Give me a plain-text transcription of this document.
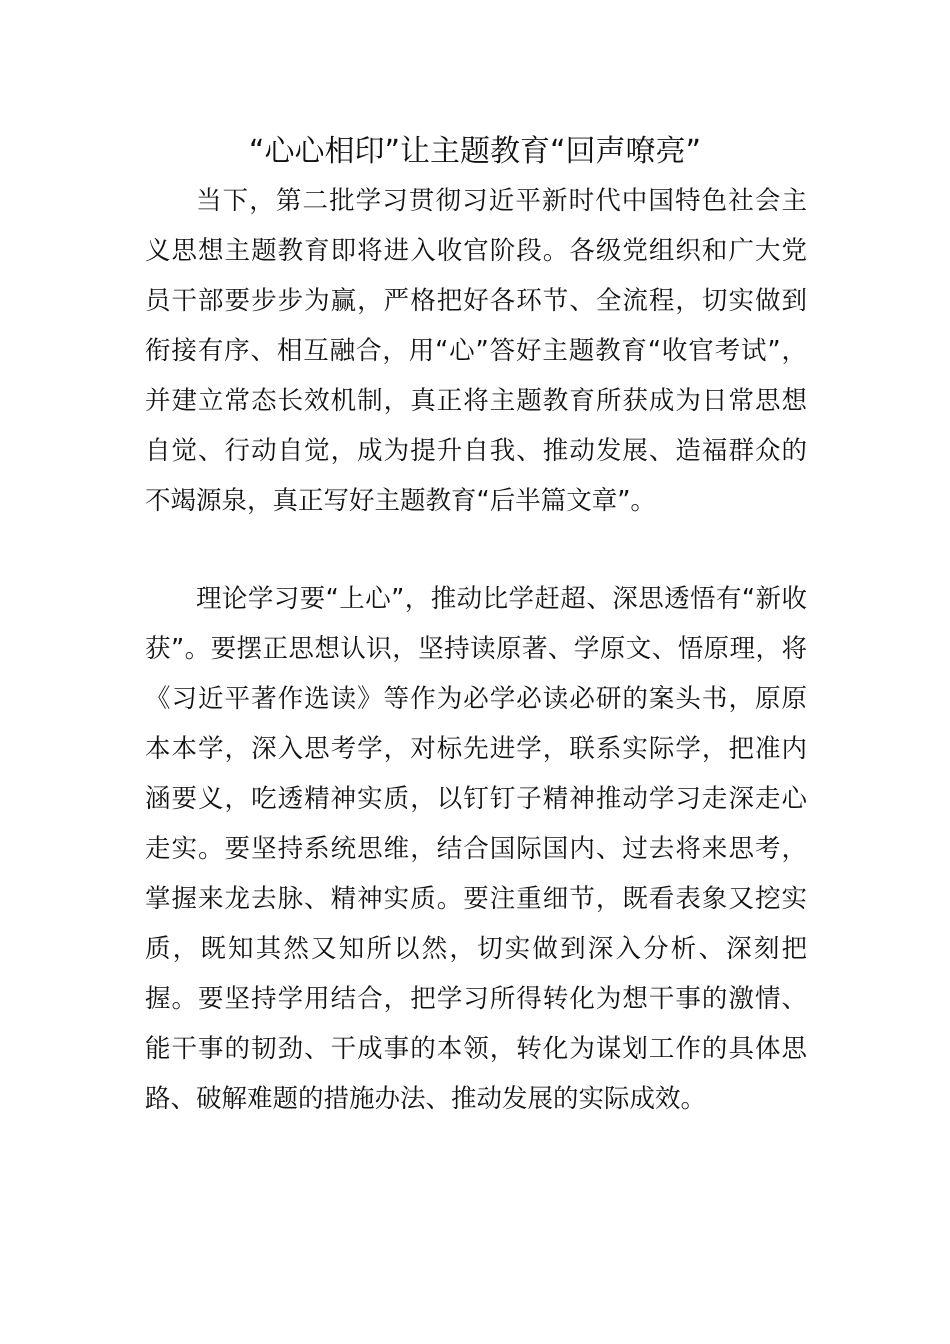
“心心相印”让主题教育“回声嘹亮”

当下，第二批学习贯彻习近平新时代中国特色社会主义思想主题教育即将进入收官阶段。各级党组织和广大党员干部要步步为赢，严格把好各环节、全流程，切实做到衔接有序、相互融合，用“心”答好主题教育“收官考试”，并建立常态长效机制，真正将主题教育所获成为日常思想自觉、行动自觉，成为提升自我、推动发展、造福群众的不竭源泉，真正写好主题教育“后半篇文章”。

理论学习要“上心”，推动比学赶超、深思透悟有“新收获”。要摆正思想认识，坚持读原著、学原文、悟原理，将《习近平著作选读》等作为必学必读必研的案头书，原原本本学，深入思考学，对标先进学，联系实际学，把准内涵要义，吃透精神实质，以钉钉子精神推动学习走深走心走实。要坚持系统思维，结合国际国内、过去将来思考，掌握来龙去脉、精神实质。要注重细节，既看表象又挖实质，既知其然又知所以然，切实做到深入分析、深刻把握。要坚持学用结合，把学习所得转化为想干事的激情、能干事的韧劲、干成事的本领，转化为谋划工作的具体思路、破解难题的措施办法、推动发展的实际成效。
